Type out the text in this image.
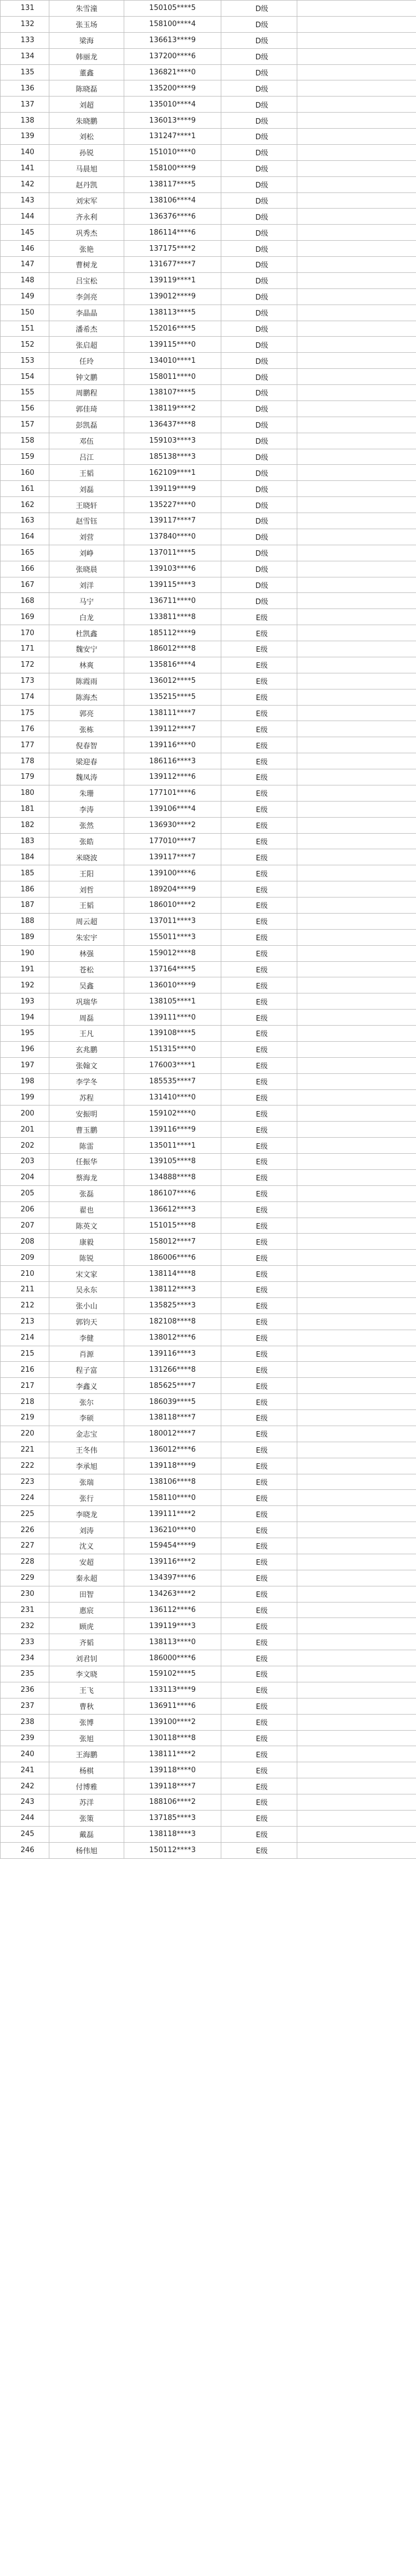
131	朱雪潼	150105****5	D级	
132	张玉场	158100****4	D级	
133	梁海	136613****9	D级	
134	韩丽龙	137200****6	D级	
135	董鑫	136821****0	D级	
136	陈晓磊	135200****9	D级	
137	刘超	135010****4	D级	
138	朱晓鹏	136013****9	D级	
139	刘松	131247****1	D级	
140	孙锐	151010****0	D级	
141	马晨旭	158100****9	D级	
142	赵丹凯	138117****5	D级	
143	刘宋军	138106****4	D级	
144	齐永利	136376****6	D级	
145	巩秀杰	186114****6	D级	
146	张艳	137175****2	D级	
147	曹树龙	131677****7	D级	
148	吕宝松	139119****1	D级	
149	李剑亮	139012****9	D级	
150	李晶晶	138113****5	D级	
151	潘希杰	152016****5	D级	
152	张启超	139115****0	D级	
153	任玲	134010****1	D级	
154	钟文鹏	158011****0	D级	
155	周鹏程	138107****5	D级	
156	郭佳琦	138119****2	D级	
157	彭凯磊	136437****8	D级	
158	邓伍	159103****3	D级	
159	吕江	185138****3	D级	
160	王韬	162109****1	D级	
161	刘磊	139119****9	D级	
162	王晓轩	135227****0	D级	
163	赵雪钰	139117****7	D级	
164	刘营	137840****0	D级	
165	刘峥	137011****5	D级	
166	张晓晨	139103****6	D级	
167	刘洋	139115****3	D级	
168	马宁	136711****0	D级	
169	白龙	133811****8	E级	
170	杜凯鑫	185112****9	E级	
171	魏安宁	186012****8	E级	
172	林爽	135816****4	E级	
173	陈霞雨	136012****5	E级	
174	陈海杰	135215****5	E级	
175	郭亮	138111****7	E级	
176	张栋	139112****7	E级	
177	倪春智	139116****0	E级	
178	梁迎春	186116****3	E级	
179	魏凤涛	139112****6	E级	
180	朱珊	177101****6	E级	
181	李涛	139106****4	E级	
182	张然	136930****2	E级	
183	张皓	177010****7	E级	
184	米晓波	139117****7	E级	
185	王阳	139100****6	E级	
186	刘哲	189204****9	E级	
187	王韬	186010****2	E级	
188	周云超	137011****3	E级	
189	朱宏宇	155011****3	E级	
190	林强	159012****8	E级	
191	苍松	137164****5	E级	
192	吴鑫	136010****9	E级	
193	巩瑞华	138105****1	E级	
194	周磊	139111****0	E级	
195	王凡	139108****5	E级	
196	玄兆鹏	151315****0	E级	
197	张翰文	176003****1	E级	
198	李学冬	185535****7	E级	
199	苏程	131410****0	E级	
200	安振明	159102****0	E级	
201	曹玉鹏	139116****9	E级	
202	陈雷	135011****1	E级	
203	任振华	139105****8	E级	
204	蔡海龙	134888****8	E级	
205	张磊	186107****6	E级	
206	翟也	136612****3	E级	
207	陈英文	151015****8	E级	
208	康毅	158012****7	E级	
209	陈锐	186006****6	E级	
210	宋文家	138114****8	E级	
211	吴永东	138112****3	E级	
212	张小山	135825****3	E级	
213	郭钧天	182108****8	E级	
214	李健	138012****6	E级	
215	肖源	139116****3	E级	
216	程子富	131266****8	E级	
217	李鑫义	185625****7	E级	
218	张尔	186039****5	E级	
219	李硕	138118****7	E级	
220	金志宝	180012****7	E级	
221	王冬伟	136012****6	E级	
222	李承旭	139118****9	E级	
223	张瑞	138106****8	E级	
224	张行	158110****0	E级	
225	李晓龙	139111****2	E级	
226	刘涛	136210****0	E级	
227	沈义	159454****9	E级	
228	安超	139116****2	E级	
229	秦永超	134397****6	E级	
230	田智	134263****2	E级	
231	惠宸	136112****6	E级	
232	顾虎	139119****3	E级	
233	齐韬	138113****0	E级	
234	刘君钊	186000****6	E级	
235	李文晓	159102****5	E级	
236	王飞	133113****9	E级	
237	曹秋	136911****6	E级	
238	张博	139100****2	E级	
239	张旭	130118****8	E级	
240	王海鹏	138111****2	E级	
241	杨棋	139118****0	E级	
242	付博雅	139118****7	E级	
243	苏洋	188106****2	E级	
244	张策	137185****3	E级	
245	戴磊	138118****3	E级	
246	杨伟旭	150112****3	E级	
